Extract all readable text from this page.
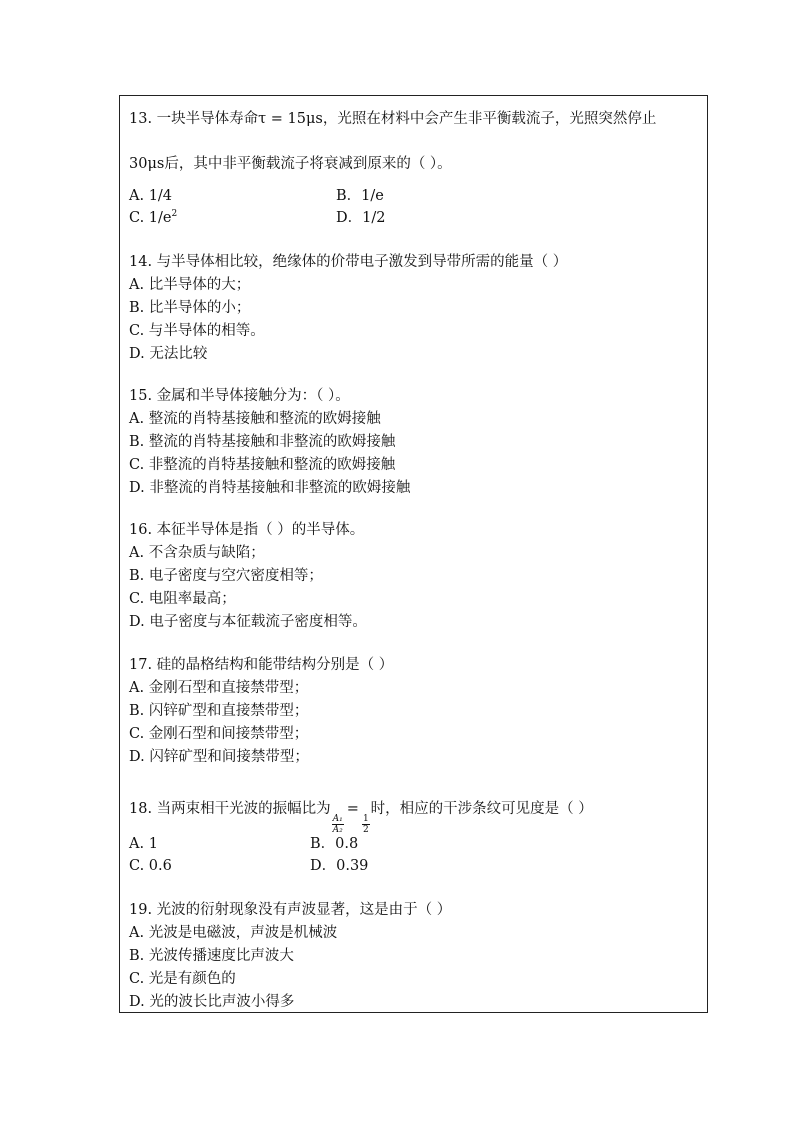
13. 一块半导体寿命τ = 15μs，光照在材料中会产生非平衡载流子，光照突然停止
30μs后，其中非平衡载流子将衰减到原来的（ ）。
A. 1/4	B．1/e
C. $1/e^2$	D．1/2
14. 与半导体相比较，绝缘体的价带电子激发到导带所需的能量（ ）
A. 比半导体的大；
B. 比半导体的小；
C. 与半导体的相等。
D. 无法比较
15. 金属和半导体接触分为：（ ）。
A. 整流的肖特基接触和整流的欧姆接触
B. 整流的肖特基接触和非整流的欧姆接触
C. 非整流的肖特基接触和整流的欧姆接触
D. 非整流的肖特基接触和非整流的欧姆接触
16. 本征半导体是指（ ）的半导体。
A. 不含杂质与缺陷；
B. 电子密度与空穴密度相等；
C. 电阻率最高；
D. 电子密度与本征载流子密度相等。
17. 硅的晶格结构和能带结构分别是（ ）
A. 金刚石型和直接禁带型；
B. 闪锌矿型和直接禁带型；
C. 金刚石型和间接禁带型；
D. 闪锌矿型和间接禁带型；
18. 当两束相干光波的振幅比为
$\frac{\text{A₁}}{\text{A₂}}$
=
$\frac{1}{2}$
时，相应的干涉条纹可见度是（ ）
A. 1	B．0.8
C. 0.6	D．0.39
19. 光波的衍射现象没有声波显著，这是由于（ ）
A. 光波是电磁波，声波是机械波
B. 光波传播速度比声波大
C. 光是有颜色的
D. 光的波长比声波小得多
